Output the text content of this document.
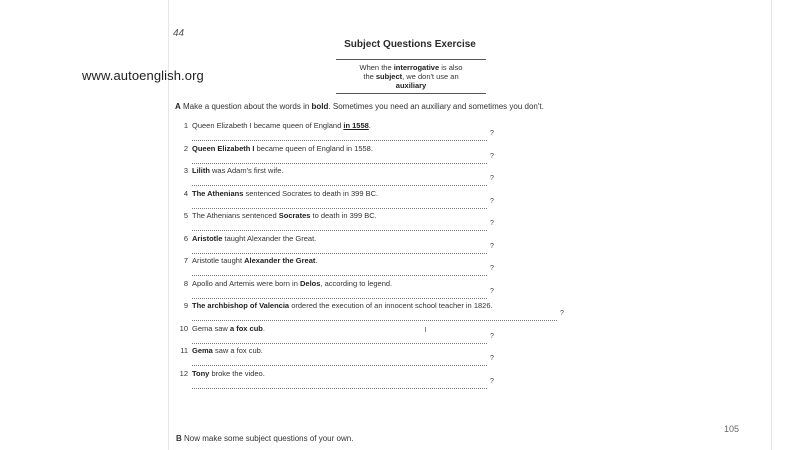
44
www.autoenglish.org
Subject Questions Exercise
When the interrogative is also
the subject, we don't use an
auxiliary
A Make a question about the words in bold. Sometimes you need an auxiliary and sometimes you don't.
1 Queen Elizabeth I became queen of England in 1558.
?
2 Queen Elizabeth I became queen of England in 1558.
?
3 Lilith was Adam's first wife.
?
4 The Athenians sentenced Socrates to death in 399 BC.
?
5 The Athenians sentenced Socrates to death in 399 BC.
?
6 Aristotle taught Alexander the Great.
?
7 Aristotle taught Alexander the Great.
?
8 Apollo and Artemis were born in Delos, according to legend.
?
9 The archbishop of Valencia ordered the execution of an innocent school teacher in 1826.
?
10 Gema saw a fox cub.
?
11 Gema saw a fox cub.
?
12 Tony broke the video.
?
B Now make some subject questions of your own.
105
